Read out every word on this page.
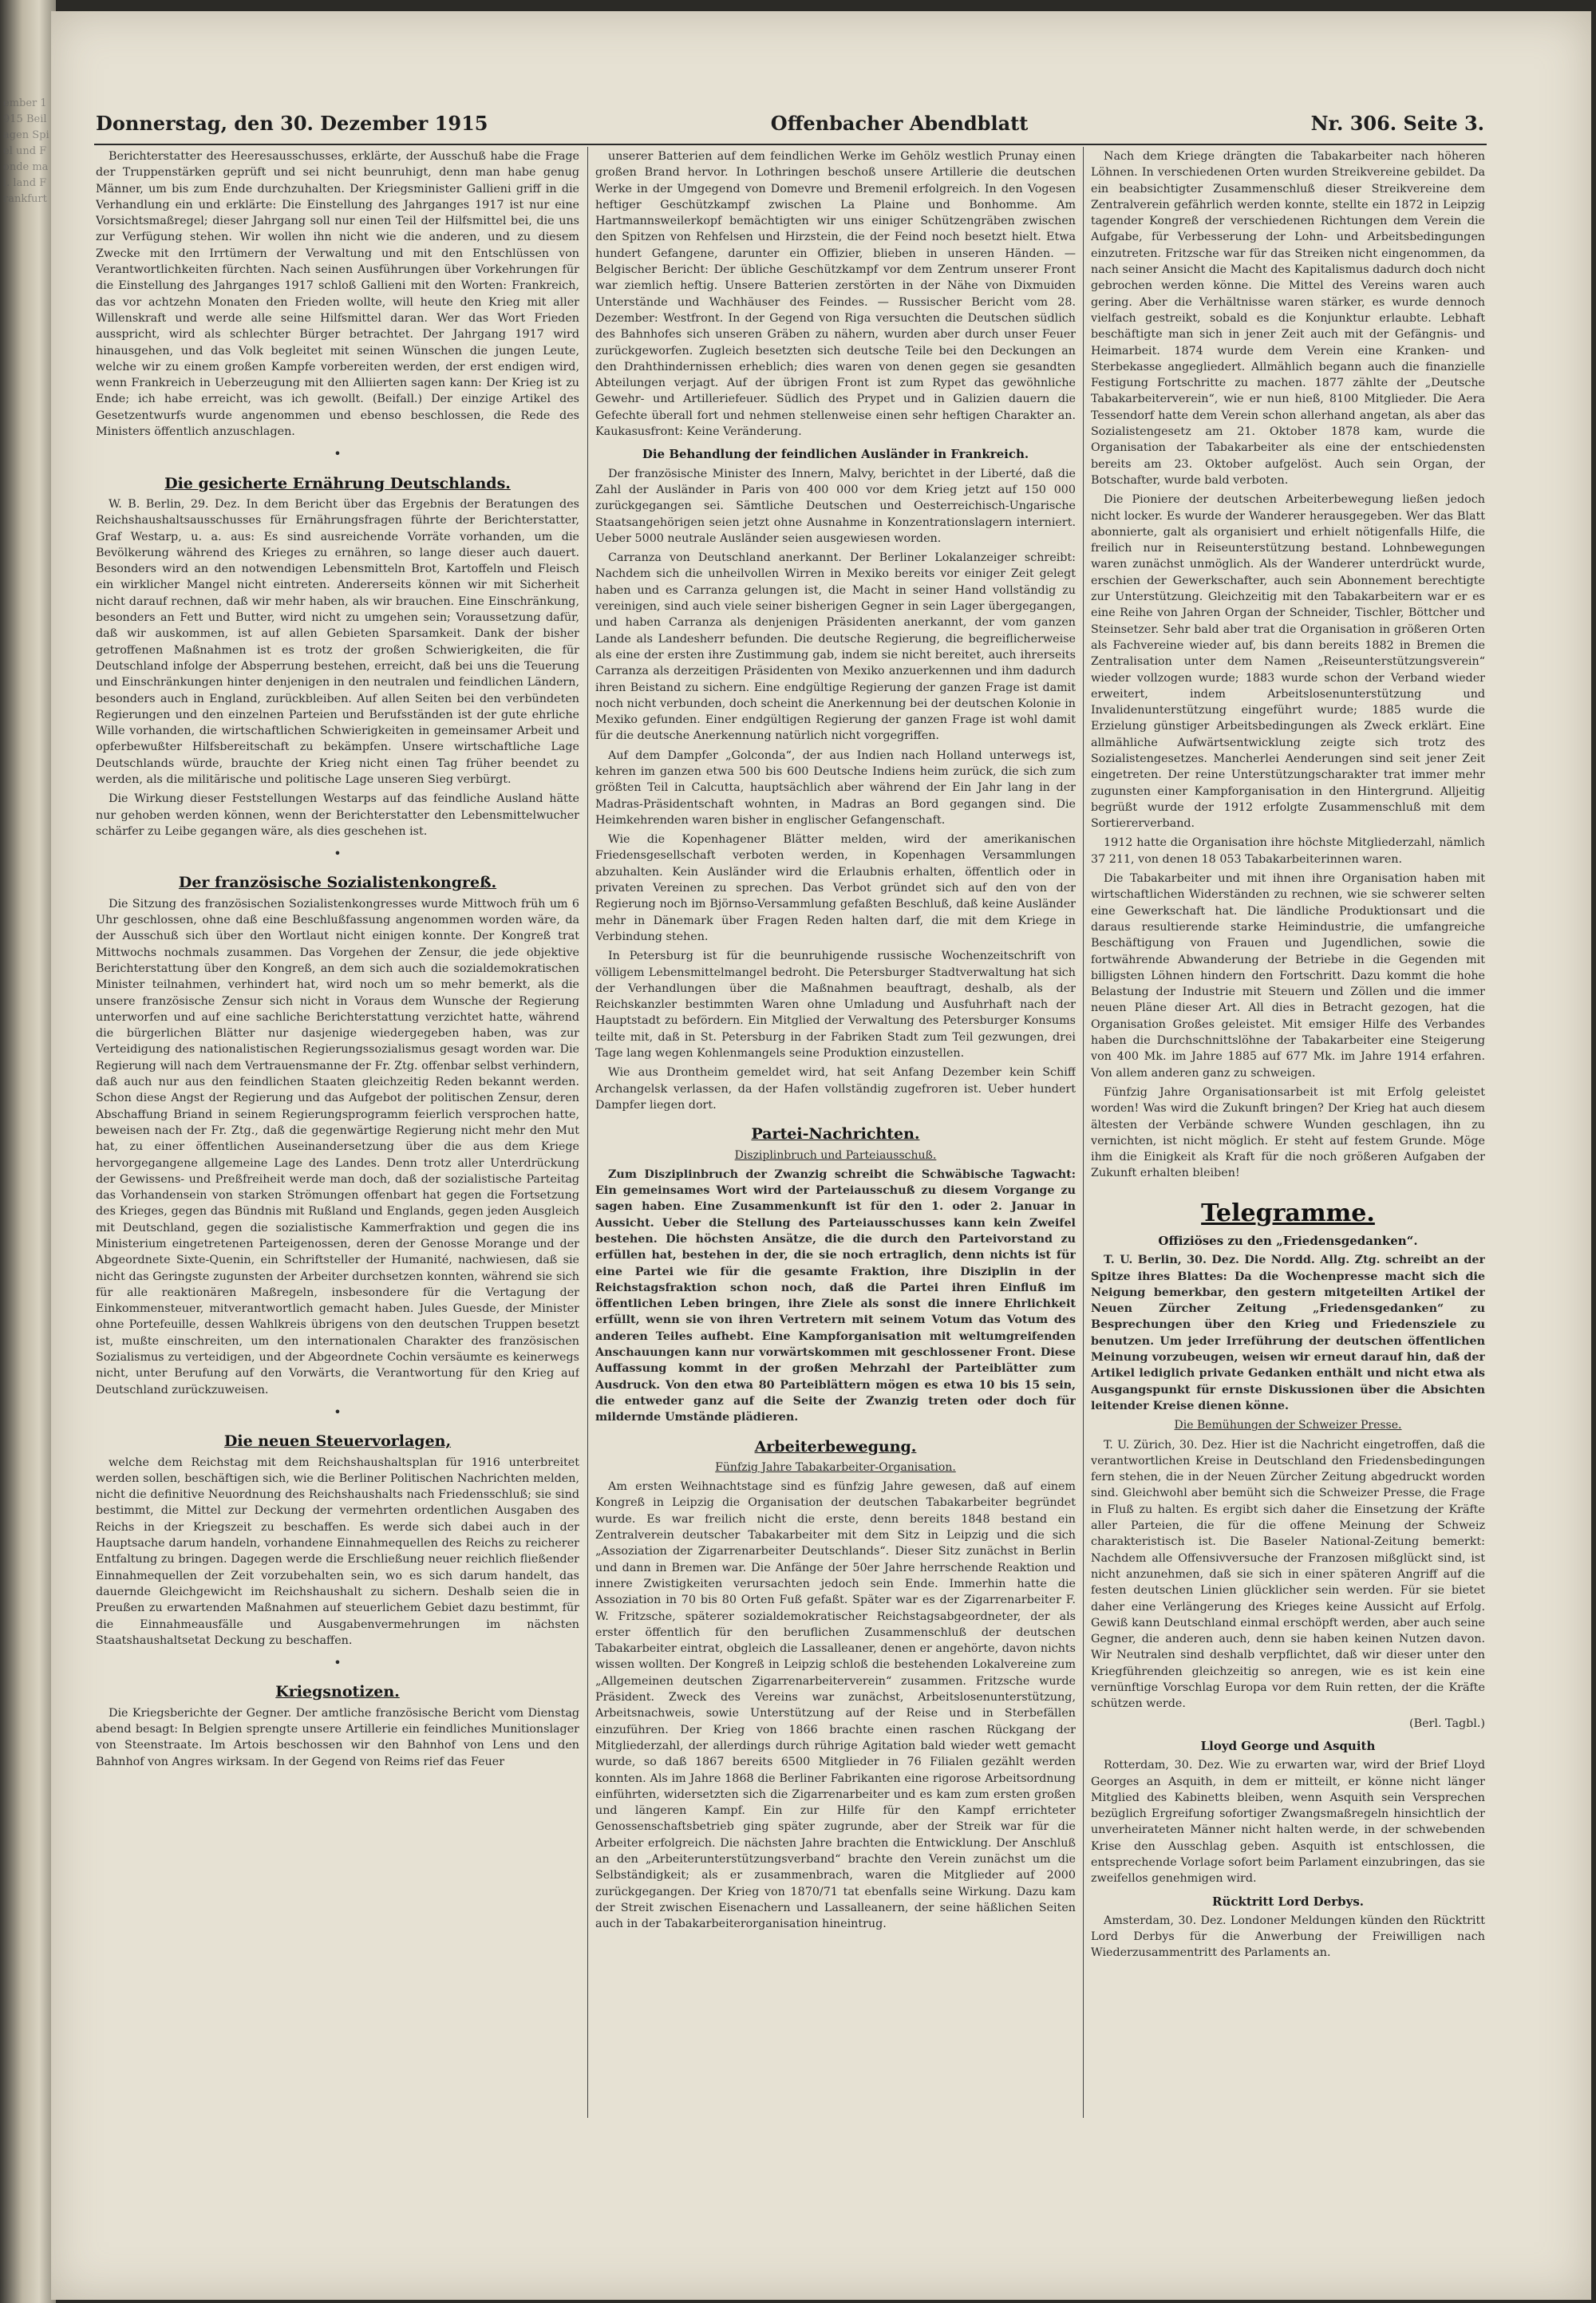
ember 1915 Beilagen Spiel und Fonde mal. land Frankfurt
Donnerstag, den 30. Dezember 1915	Offenbacher Abendblatt	Nr. 306. Seite 3.

Berichterstatter des Heeresausschusses, erklärte, der Ausschuß habe die Frage der Truppenstärken geprüft und sei nicht beunruhigt, denn man habe genug Männer, um bis zum Ende durchzuhalten. Der Kriegsminister Gallieni griff in die Verhandlung ein und erklärte: Die Einstellung des Jahrganges 1917 ist nur eine Vorsichtsmaßregel; dieser Jahrgang soll nur einen Teil der Hilfsmittel bei, die uns zur Verfügung stehen. Wir wollen ihn nicht wie die anderen, und zu diesem Zwecke mit den Irrtümern der Verwaltung und mit den Entschlüssen von Verantwortlichkeiten fürchten. Nach seinen Ausführungen über Vorkehrungen für die Einstellung des Jahrganges 1917 schloß Gallieni mit den Worten: Frankreich, das vor achtzehn Monaten den Frieden wollte, will heute den Krieg mit aller Willenskraft und werde alle seine Hilfsmittel daran. Wer das Wort Frieden ausspricht, wird als schlechter Bürger betrachtet. Der Jahrgang 1917 wird hinausgehen, und das Volk begleitet mit seinen Wünschen die jungen Leute, welche wir zu einem großen Kampfe vorbereiten werden, der erst endigen wird, wenn Frankreich in Ueberzeugung mit den Alliierten sagen kann: Der Krieg ist zu Ende; ich habe erreicht, was ich gewollt. (Beifall.) Der einzige Artikel des Gesetzentwurfs wurde angenommen und ebenso beschlossen, die Rede des Ministers öffentlich anzuschlagen.

•
Die gesicherte Ernährung Deutschlands.

W. B. Berlin, 29. Dez. In dem Bericht über das Ergebnis der Beratungen des Reichshaushaltsausschusses für Ernährungsfragen führte der Berichterstatter, Graf Westarp, u. a. aus: Es sind ausreichende Vorräte vorhanden, um die Bevölkerung während des Krieges zu ernähren, so lange dieser auch dauert. Besonders wird an den notwendigen Lebensmitteln Brot, Kartoffeln und Fleisch ein wirklicher Mangel nicht eintreten. Andererseits können wir mit Sicherheit nicht darauf rechnen, daß wir mehr haben, als wir brauchen. Eine Einschränkung, besonders an Fett und Butter, wird nicht zu umgehen sein; Voraussetzung dafür, daß wir auskommen, ist auf allen Gebieten Sparsamkeit. Dank der bisher getroffenen Maßnahmen ist es trotz der großen Schwierigkeiten, die für Deutschland infolge der Absperrung bestehen, erreicht, daß bei uns die Teuerung und Einschränkungen hinter denjenigen in den neutralen und feindlichen Ländern, besonders auch in England, zurückbleiben. Auf allen Seiten bei den verbündeten Regierungen und den einzelnen Parteien und Berufsständen ist der gute ehrliche Wille vorhanden, die wirtschaftlichen Schwierigkeiten in gemeinsamer Arbeit und opferbewußter Hilfsbereitschaft zu bekämpfen. Unsere wirtschaftliche Lage Deutschlands würde, brauchte der Krieg nicht einen Tag früher beendet zu werden, als die militärische und politische Lage unseren Sieg verbürgt.

Die Wirkung dieser Feststellungen Westarps auf das feindliche Ausland hätte nur gehoben werden können, wenn der Berichterstatter den Lebensmittelwucher schärfer zu Leibe gegangen wäre, als dies geschehen ist.

•
Der französische Sozialistenkongreß.

Die Sitzung des französischen Sozialistenkongresses wurde Mittwoch früh um 6 Uhr geschlossen, ohne daß eine Beschlußfassung angenommen worden wäre, da der Ausschuß sich über den Wortlaut nicht einigen konnte. Der Kongreß trat Mittwochs nochmals zusammen. Das Vorgehen der Zensur, die jede objektive Berichterstattung über den Kongreß, an dem sich auch die sozialdemokratischen Minister teilnahmen, verhindert hat, wird noch um so mehr bemerkt, als die unsere französische Zensur sich nicht in Voraus dem Wunsche der Regierung unterworfen und auf eine sachliche Berichterstattung verzichtet hatte, während die bürgerlichen Blätter nur dasjenige wiedergegeben haben, was zur Verteidigung des nationalistischen Regierungssozialismus gesagt worden war. Die Regierung will nach dem Vertrauensmanne der Fr. Ztg. offenbar selbst verhindern, daß auch nur aus den feindlichen Staaten gleichzeitig Reden bekannt werden. Schon diese Angst der Regierung und das Aufgebot der politischen Zensur, deren Abschaffung Briand in seinem Regierungsprogramm feierlich versprochen hatte, beweisen nach der Fr. Ztg., daß die gegenwärtige Regierung nicht mehr den Mut hat, zu einer öffentlichen Auseinandersetzung über die aus dem Kriege hervorgegangene allgemeine Lage des Landes. Denn trotz aller Unterdrückung der Gewissens- und Preßfreiheit werde man doch, daß der sozialistische Parteitag das Vorhandensein von starken Strömungen offenbart hat gegen die Fortsetzung des Krieges, gegen das Bündnis mit Rußland und Englands, gegen jeden Ausgleich mit Deutschland, gegen die sozialistische Kammerfraktion und gegen die ins Ministerium eingetretenen Parteigenossen, deren der Genosse Morange und der Abgeordnete Sixte-Quenin, ein Schriftsteller der Humanité, nachwiesen, daß sie nicht das Geringste zugunsten der Arbeiter durchsetzen konnten, während sie sich für alle reaktionären Maßregeln, insbesondere für die Vertagung der Einkommensteuer, mitverantwortlich gemacht haben. Jules Guesde, der Minister ohne Portefeuille, dessen Wahlkreis übrigens von den deutschen Truppen besetzt ist, mußte einschreiten, um den internationalen Charakter des französischen Sozialismus zu verteidigen, und der Abgeordnete Cochin versäumte es keinerwegs nicht, unter Berufung auf den Vorwärts, die Verantwortung für den Krieg auf Deutschland zurückzuweisen.

•
Die neuen Steuervorlagen,

welche dem Reichstag mit dem Reichshaushaltsplan für 1916 unterbreitet werden sollen, beschäftigen sich, wie die Berliner Politischen Nachrichten melden, nicht die definitive Neuordnung des Reichshaushalts nach Friedensschluß; sie sind bestimmt, die Mittel zur Deckung der vermehrten ordentlichen Ausgaben des Reichs in der Kriegszeit zu beschaffen. Es werde sich dabei auch in der Hauptsache darum handeln, vorhandene Einnahmequellen des Reichs zu reicherer Entfaltung zu bringen. Dagegen werde die Erschließung neuer reichlich fließender Einnahmequellen der Zeit vorzubehalten sein, wo es sich darum handelt, das dauernde Gleichgewicht im Reichshaushalt zu sichern. Deshalb seien die in Preußen zu erwartenden Maßnahmen auf steuerlichem Gebiet dazu bestimmt, für die Einnahmeausfälle und Ausgabenvermehrungen im nächsten Staatshaushaltsetat Deckung zu beschaffen.

•
Kriegsnotizen.

Die Kriegsberichte der Gegner. Der amtliche französische Bericht vom Dienstag abend besagt: In Belgien sprengte unsere Artillerie ein feindliches Munitionslager von Steenstraate. Im Artois beschossen wir den Bahnhof von Lens und den Bahnhof von Angres wirksam. In der Gegend von Reims rief das Feuer

unserer Batterien auf dem feindlichen Werke im Gehölz westlich Prunay einen großen Brand hervor. In Lothringen beschoß unsere Artillerie die deutschen Werke in der Umgegend von Domevre und Bremenil erfolgreich. In den Vogesen heftiger Geschützkampf zwischen La Plaine und Bonhomme. Am Hartmannsweilerkopf bemächtigten wir uns einiger Schützengräben zwischen den Spitzen von Rehfelsen und Hirzstein, die der Feind noch besetzt hielt. Etwa hundert Gefangene, darunter ein Offizier, blieben in unseren Händen. — Belgischer Bericht: Der übliche Geschützkampf vor dem Zentrum unserer Front war ziemlich heftig. Unsere Batterien zerstörten in der Nähe von Dixmuiden Unterstände und Wachhäuser des Feindes. — Russischer Bericht vom 28. Dezember: Westfront. In der Gegend von Riga versuchten die Deutschen südlich des Bahnhofes sich unseren Gräben zu nähern, wurden aber durch unser Feuer zurückgeworfen. Zugleich besetzten sich deutsche Teile bei den Deckungen an den Drahthindernissen erheblich; dies waren von denen gegen sie gesandten Abteilungen verjagt. Auf der übrigen Front ist zum Rypet das gewöhnliche Gewehr- und Artilleriefeuer. Südlich des Prypet und in Galizien dauern die Gefechte überall fort und nehmen stellenweise einen sehr heftigen Charakter an. Kaukasusfront: Keine Veränderung.

Die Behandlung der feindlichen Ausländer in Frankreich.

Der französische Minister des Innern, Malvy, berichtet in der Liberté, daß die Zahl der Ausländer in Paris von 400 000 vor dem Krieg jetzt auf 150 000 zurückgegangen sei. Sämtliche Deutschen und Oesterreichisch-Ungarische Staatsangehörigen seien jetzt ohne Ausnahme in Konzentrationslagern interniert. Ueber 5000 neutrale Ausländer seien ausgewiesen worden.

Carranza von Deutschland anerkannt. Der Berliner Lokalanzeiger schreibt: Nachdem sich die unheilvollen Wirren in Mexiko bereits vor einiger Zeit gelegt haben und es Carranza gelungen ist, die Macht in seiner Hand vollständig zu vereinigen, sind auch viele seiner bisherigen Gegner in sein Lager übergegangen, und haben Carranza als denjenigen Präsidenten anerkannt, der vom ganzen Lande als Landesherr befunden. Die deutsche Regierung, die begreiflicherweise als eine der ersten ihre Zustimmung gab, indem sie nicht bereitet, auch ihrerseits Carranza als derzeitigen Präsidenten von Mexiko anzuerkennen und ihm dadurch ihren Beistand zu sichern. Eine endgültige Regierung der ganzen Frage ist damit noch nicht verbunden, doch scheint die Anerkennung bei der deutschen Kolonie in Mexiko gefunden. Einer endgültigen Regierung der ganzen Frage ist wohl damit für die deutsche Anerkennung natürlich nicht vorgegriffen.

Auf dem Dampfer „Golconda“, der aus Indien nach Holland unterwegs ist, kehren im ganzen etwa 500 bis 600 Deutsche Indiens heim zurück, die sich zum größten Teil in Calcutta, hauptsächlich aber während der Ein Jahr lang in der Madras-Präsidentschaft wohnten, in Madras an Bord gegangen sind. Die Heimkehrenden waren bisher in englischer Gefangenschaft.

Wie die Kopenhagener Blätter melden, wird der amerikanischen Friedensgesellschaft verboten werden, in Kopenhagen Versammlungen abzuhalten. Kein Ausländer wird die Erlaubnis erhalten, öffentlich oder in privaten Vereinen zu sprechen. Das Verbot gründet sich auf den von der Regierung noch im Björnso-Versammlung gefaßten Beschluß, daß keine Ausländer mehr in Dänemark über Fragen Reden halten darf, die mit dem Kriege in Verbindung stehen.

In Petersburg ist für die beunruhigende russische Wochenzeitschrift von völligem Lebensmittelmangel bedroht. Die Petersburger Stadtverwaltung hat sich der Verhandlungen über die Maßnahmen beauftragt, deshalb, als der Reichskanzler bestimmten Waren ohne Umladung und Ausfuhrhaft nach der Hauptstadt zu befördern. Ein Mitglied der Verwaltung des Petersburger Konsums teilte mit, daß in St. Petersburg in der Fabriken Stadt zum Teil gezwungen, drei Tage lang wegen Kohlenmangels seine Produktion einzustellen.

Wie aus Drontheim gemeldet wird, hat seit Anfang Dezember kein Schiff Archangelsk verlassen, da der Hafen vollständig zugefroren ist. Ueber hundert Dampfer liegen dort.

Partei-Nachrichten.
Disziplinbruch und Parteiausschuß.

Zum Disziplinbruch der Zwanzig schreibt die Schwäbische Tagwacht: Ein gemeinsames Wort wird der Parteiausschuß zu diesem Vorgange zu sagen haben. Eine Zusammenkunft ist für den 1. oder 2. Januar in Aussicht. Ueber die Stellung des Parteiausschusses kann kein Zweifel bestehen. Die höchsten Ansätze, die die durch den Parteivorstand zu erfüllen hat, bestehen in der, die sie noch ertraglich, denn nichts ist für eine Partei wie für die gesamte Fraktion, ihre Disziplin in der Reichstagsfraktion schon noch, daß die Partei ihren Einfluß im öffentlichen Leben bringen, ihre Ziele als sonst die innere Ehrlichkeit erfüllt, wenn sie von ihren Vertretern mit seinem Votum das Votum des anderen Teiles aufhebt. Eine Kampforganisation mit weltumgreifenden Anschauungen kann nur vorwärtskommen mit geschlossener Front. Diese Auffassung kommt in der großen Mehrzahl der Parteiblätter zum Ausdruck. Von den etwa 80 Parteiblättern mögen es etwa 10 bis 15 sein, die entweder ganz auf die Seite der Zwanzig treten oder doch für mildernde Umstände plädieren.

Arbeiterbewegung.
Fünfzig Jahre Tabakarbeiter-Organisation.

Am ersten Weihnachtstage sind es fünfzig Jahre gewesen, daß auf einem Kongreß in Leipzig die Organisation der deutschen Tabakarbeiter begründet wurde. Es war freilich nicht die erste, denn bereits 1848 bestand ein Zentralverein deutscher Tabakarbeiter mit dem Sitz in Leipzig und die sich „Assoziation der Zigarrenarbeiter Deutschlands“. Dieser Sitz zunächst in Berlin und dann in Bremen war. Die Anfänge der 50er Jahre herrschende Reaktion und innere Zwistigkeiten verursachten jedoch sein Ende. Immerhin hatte die Assoziation in 70 bis 80 Orten Fuß gefaßt. Später war es der Zigarrenarbeiter F. W. Fritzsche, späterer sozialdemokratischer Reichstagsabgeordneter, der als erster öffentlich für den beruflichen Zusammenschluß der deutschen Tabakarbeiter eintrat, obgleich die Lassalleaner, denen er angehörte, davon nichts wissen wollten. Der Kongreß in Leipzig schloß die bestehenden Lokalvereine zum „Allgemeinen deutschen Zigarrenarbeiterverein“ zusammen. Fritzsche wurde Präsident. Zweck des Vereins war zunächst, Arbeitslosenunterstützung, Arbeitsnachweis, sowie Unterstützung auf der Reise und in Sterbefällen einzuführen. Der Krieg von 1866 brachte einen raschen Rückgang der Mitgliederzahl, der allerdings durch rührige Agitation bald wieder wett gemacht wurde, so daß 1867 bereits 6500 Mitglieder in 76 Filialen gezählt werden konnten. Als im Jahre 1868 die Berliner Fabrikanten eine rigorose Arbeitsordnung einführten, widersetzten sich die Zigarrenarbeiter und es kam zum ersten großen und längeren Kampf. Ein zur Hilfe für den Kampf errichteter Genossenschaftsbetrieb ging später zugrunde, aber der Streik war für die Arbeiter erfolgreich. Die nächsten Jahre brachten die Entwicklung. Der Anschluß an den „Arbeiterunterstützungsverband“ brachte den Verein zunächst um die Selbständigkeit; als er zusammenbrach, waren die Mitglieder auf 2000 zurückgegangen. Der Krieg von 1870/71 tat ebenfalls seine Wirkung. Dazu kam der Streit zwischen Eisenachern und Lassalleanern, der seine häßlichen Seiten auch in der Tabakarbeiterorganisation hineintrug.

Nach dem Kriege drängten die Tabakarbeiter nach höheren Löhnen. In verschiedenen Orten wurden Streikvereine gebildet. Da ein beabsichtigter Zusammenschluß dieser Streikvereine dem Zentralverein gefährlich werden konnte, stellte ein 1872 in Leipzig tagender Kongreß der verschiedenen Richtungen dem Verein die Aufgabe, für Verbesserung der Lohn- und Arbeitsbedingungen einzutreten. Fritzsche war für das Streiken nicht eingenommen, da nach seiner Ansicht die Macht des Kapitalismus dadurch doch nicht gebrochen werden könne. Die Mittel des Vereins waren auch gering. Aber die Verhältnisse waren stärker, es wurde dennoch vielfach gestreikt, sobald es die Konjunktur erlaubte. Lebhaft beschäftigte man sich in jener Zeit auch mit der Gefängnis- und Heimarbeit. 1874 wurde dem Verein eine Kranken- und Sterbekasse angegliedert. Allmählich begann auch die finanzielle Festigung Fortschritte zu machen. 1877 zählte der „Deutsche Tabakarbeiterverein“, wie er nun hieß, 8100 Mitglieder. Die Aera Tessendorf hatte dem Verein schon allerhand angetan, als aber das Sozialistengesetz am 21. Oktober 1878 kam, wurde die Organisation der Tabakarbeiter als eine der entschiedensten bereits am 23. Oktober aufgelöst. Auch sein Organ, der Botschafter, wurde bald verboten.

Die Pioniere der deutschen Arbeiterbewegung ließen jedoch nicht locker. Es wurde der Wanderer herausgegeben. Wer das Blatt abonnierte, galt als organisiert und erhielt nötigenfalls Hilfe, die freilich nur in Reiseunterstützung bestand. Lohnbewegungen waren zunächst unmöglich. Als der Wanderer unterdrückt wurde, erschien der Gewerkschafter, auch sein Abonnement berechtigte zur Unterstützung. Gleichzeitig mit den Tabakarbeitern war er es eine Reihe von Jahren Organ der Schneider, Tischler, Böttcher und Steinsetzer. Sehr bald aber trat die Organisation in größeren Orten als Fachvereine wieder auf, bis dann bereits 1882 in Bremen die Zentralisation unter dem Namen „Reiseunterstützungsverein“ wieder vollzogen wurde; 1883 wurde schon der Verband wieder erweitert, indem Arbeitslosenunterstützung und Invalidenunterstützung eingeführt wurde; 1885 wurde die Erzielung günstiger Arbeitsbedingungen als Zweck erklärt. Eine allmähliche Aufwärtsentwicklung zeigte sich trotz des Sozialistengesetzes. Mancherlei Aenderungen sind seit jener Zeit eingetreten. Der reine Unterstützungscharakter trat immer mehr zugunsten einer Kampforganisation in den Hintergrund. Alljeitig begrüßt wurde der 1912 erfolgte Zusammenschluß mit dem Sortiererverband.

1912 hatte die Organisation ihre höchste Mitgliederzahl, nämlich 37 211, von denen 18 053 Tabakarbeiterinnen waren.

Die Tabakarbeiter und mit ihnen ihre Organisation haben mit wirtschaftlichen Widerständen zu rechnen, wie sie schwerer selten eine Gewerkschaft hat. Die ländliche Produktionsart und die daraus resultierende starke Heimindustrie, die umfangreiche Beschäftigung von Frauen und Jugendlichen, sowie die fortwährende Abwanderung der Betriebe in die Gegenden mit billigsten Löhnen hindern den Fortschritt. Dazu kommt die hohe Belastung der Industrie mit Steuern und Zöllen und die immer neuen Pläne dieser Art. All dies in Betracht gezogen, hat die Organisation Großes geleistet. Mit emsiger Hilfe des Verbandes haben die Durchschnittslöhne der Tabakarbeiter eine Steigerung von 400 Mk. im Jahre 1885 auf 677 Mk. im Jahre 1914 erfahren. Von allem anderen ganz zu schweigen.

Fünfzig Jahre Organisationsarbeit ist mit Erfolg geleistet worden! Was wird die Zukunft bringen? Der Krieg hat auch diesem ältesten der Verbände schwere Wunden geschlagen, ihn zu vernichten, ist nicht möglich. Er steht auf festem Grunde. Möge ihm die Einigkeit als Kraft für die noch größeren Aufgaben der Zukunft erhalten bleiben!

Telegramme.
Offiziöses zu den „Friedensgedanken“.

T. U. Berlin, 30. Dez. Die Nordd. Allg. Ztg. schreibt an der Spitze ihres Blattes: Da die Wochenpresse macht sich die Neigung bemerkbar, den gestern mitgeteilten Artikel der Neuen Zürcher Zeitung „Friedensgedanken“ zu Besprechungen über den Krieg und Friedensziele zu benutzen. Um jeder Irreführung der deutschen öffentlichen Meinung vorzubeugen, weisen wir erneut darauf hin, daß der Artikel lediglich private Gedanken enthält und nicht etwa als Ausgangspunkt für ernste Diskussionen über die Absichten leitender Kreise dienen könne.

Die Bemühungen der Schweizer Presse.

T. U. Zürich, 30. Dez. Hier ist die Nachricht eingetroffen, daß die verantwortlichen Kreise in Deutschland den Friedensbedingungen fern stehen, die in der Neuen Zürcher Zeitung abgedruckt worden sind. Gleichwohl aber bemüht sich die Schweizer Presse, die Frage in Fluß zu halten. Es ergibt sich daher die Einsetzung der Kräfte aller Parteien, die für die offene Meinung der Schweiz charakteristisch ist. Die Baseler National-Zeitung bemerkt: Nachdem alle Offensivversuche der Franzosen mißglückt sind, ist nicht anzunehmen, daß sie sich in einer späteren Angriff auf die festen deutschen Linien glücklicher sein werden. Für sie bietet daher eine Verlängerung des Krieges keine Aussicht auf Erfolg. Gewiß kann Deutschland einmal erschöpft werden, aber auch seine Gegner, die anderen auch, denn sie haben keinen Nutzen davon. Wir Neutralen sind deshalb verpflichtet, daß wir dieser unter den Kriegführenden gleichzeitig so anregen, wie es ist kein eine vernünftige Vorschlag Europa vor dem Ruin retten, der die Kräfte schützen werde.

(Berl. Tagbl.)

Lloyd George und Asquith

Rotterdam, 30. Dez. Wie zu erwarten war, wird der Brief Lloyd Georges an Asquith, in dem er mitteilt, er könne nicht länger Mitglied des Kabinetts bleiben, wenn Asquith sein Versprechen bezüglich Ergreifung sofortiger Zwangsmaßregeln hinsichtlich der unverheirateten Männer nicht halten werde, in der schwebenden Krise den Ausschlag geben. Asquith ist entschlossen, die entsprechende Vorlage sofort beim Parlament einzubringen, das sie zweifellos genehmigen wird.

Rücktritt Lord Derbys.

Amsterdam, 30. Dez. Londoner Meldungen künden den Rücktritt Lord Derbys für die Anwerbung der Freiwilligen nach Wiederzusammentritt des Parlaments an.
